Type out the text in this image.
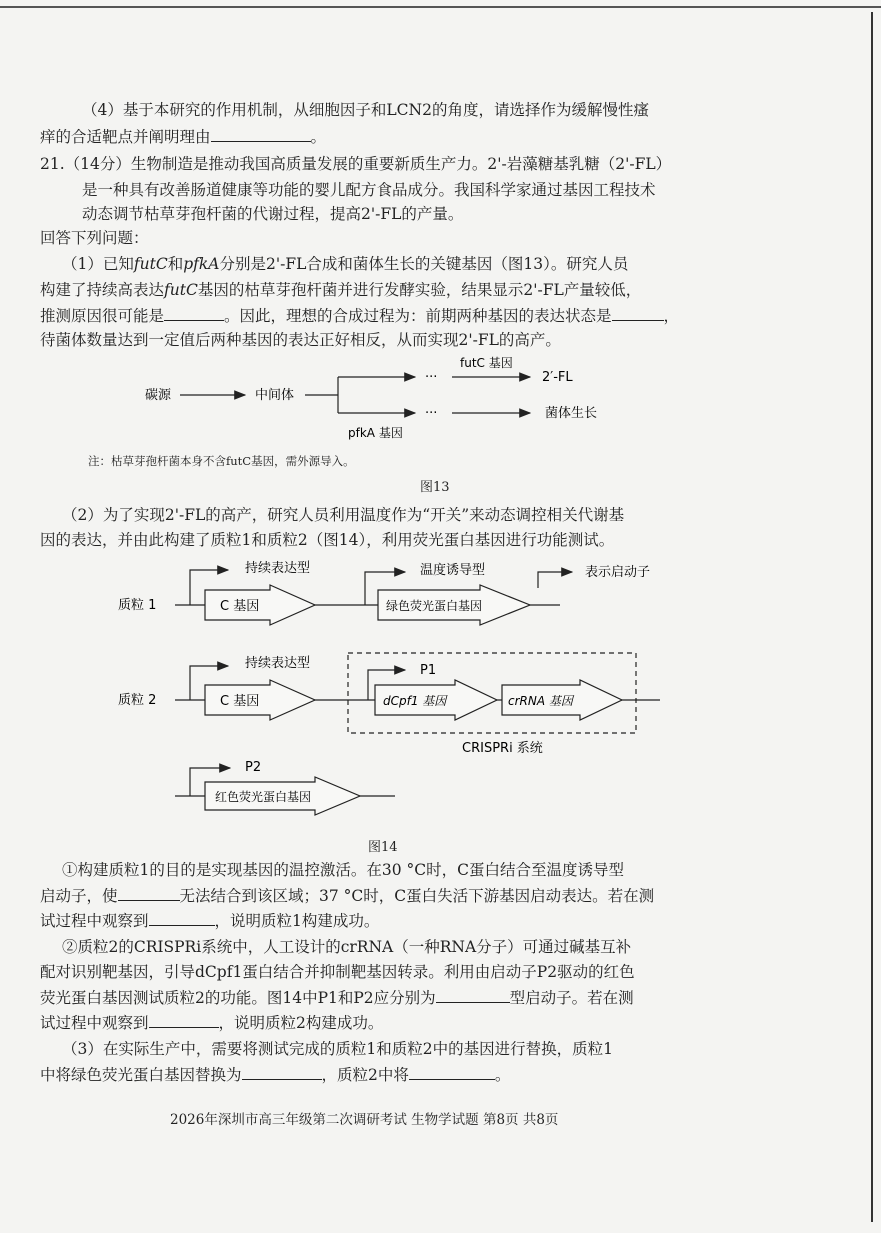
（4）基于本研究的作用机制，从细胞因子和LCN2的角度，请选择作为缓解慢性瘙
痒的合适靶点并阐明理由	。
21.（14分）生物制造是推动我国高质量发展的重要新质生产力。2'-岩藻糖基乳糖（2'-FL）
是一种具有改善肠道健康等功能的婴儿配方食品成分。我国科学家通过基因工程技术
动态调节枯草芽孢杆菌的代谢过程，提高2'-FL的产量。
回答下列问题：
（1）已知futC和pfkA分别是2'-FL合成和菌体生长的关键基因（图13）。研究人员
构建了持续高表达futC基因的枯草芽孢杆菌并进行发酵实验，结果显示2'-FL产量较低，
推测原因很可能是	。因此，理想的合成过程为：前期两种基因的表达状态是	，
待菌体数量达到一定值后两种基因的表达正好相反，从而实现2'-FL的高产。
碳源	中间体
···
···
futC 基因
2′-FL
菌体生长
pfkA 基因
注：枯草芽孢杆菌本身不含futC基因，需外源导入。
图13
（2）为了实现2'-FL的高产，研究人员利用温度作为“开关”来动态调控相关代谢基
因的表达，并由此构建了质粒1和质粒2（图14），利用荧光蛋白基因进行功能测试。
质粒 1
持续表达型
C 基因
温度诱导型
绿色荧光蛋白基因
表示启动子
质粒 2
持续表达型
C 基因
P1
dCpf1 基因	crRNA 基因
CRISPRi 系统
P2
红色荧光蛋白基因
图14
①构建质粒1的目的是实现基因的温控激活。在30 °C时，C蛋白结合至温度诱导型
启动子，使	无法结合到该区域；37 °C时，C蛋白失活下游基因启动表达。若在测
试过程中观察到	，说明质粒1构建成功。
②质粒2的CRISPRi系统中，人工设计的crRNA（一种RNA分子）可通过碱基互补
配对识别靶基因，引导dCpf1蛋白结合并抑制靶基因转录。利用由启动子P2驱动的红色
荧光蛋白基因测试质粒2的功能。图14中P1和P2应分别为	型启动子。若在测
试过程中观察到	，说明质粒2构建成功。
（3）在实际生产中，需要将测试完成的质粒1和质粒2中的基因进行替换，质粒1
中将绿色荧光蛋白基因替换为	，质粒2中将	。
2026年深圳市高三年级第二次调研考试 生物学试题 第8页 共8页
